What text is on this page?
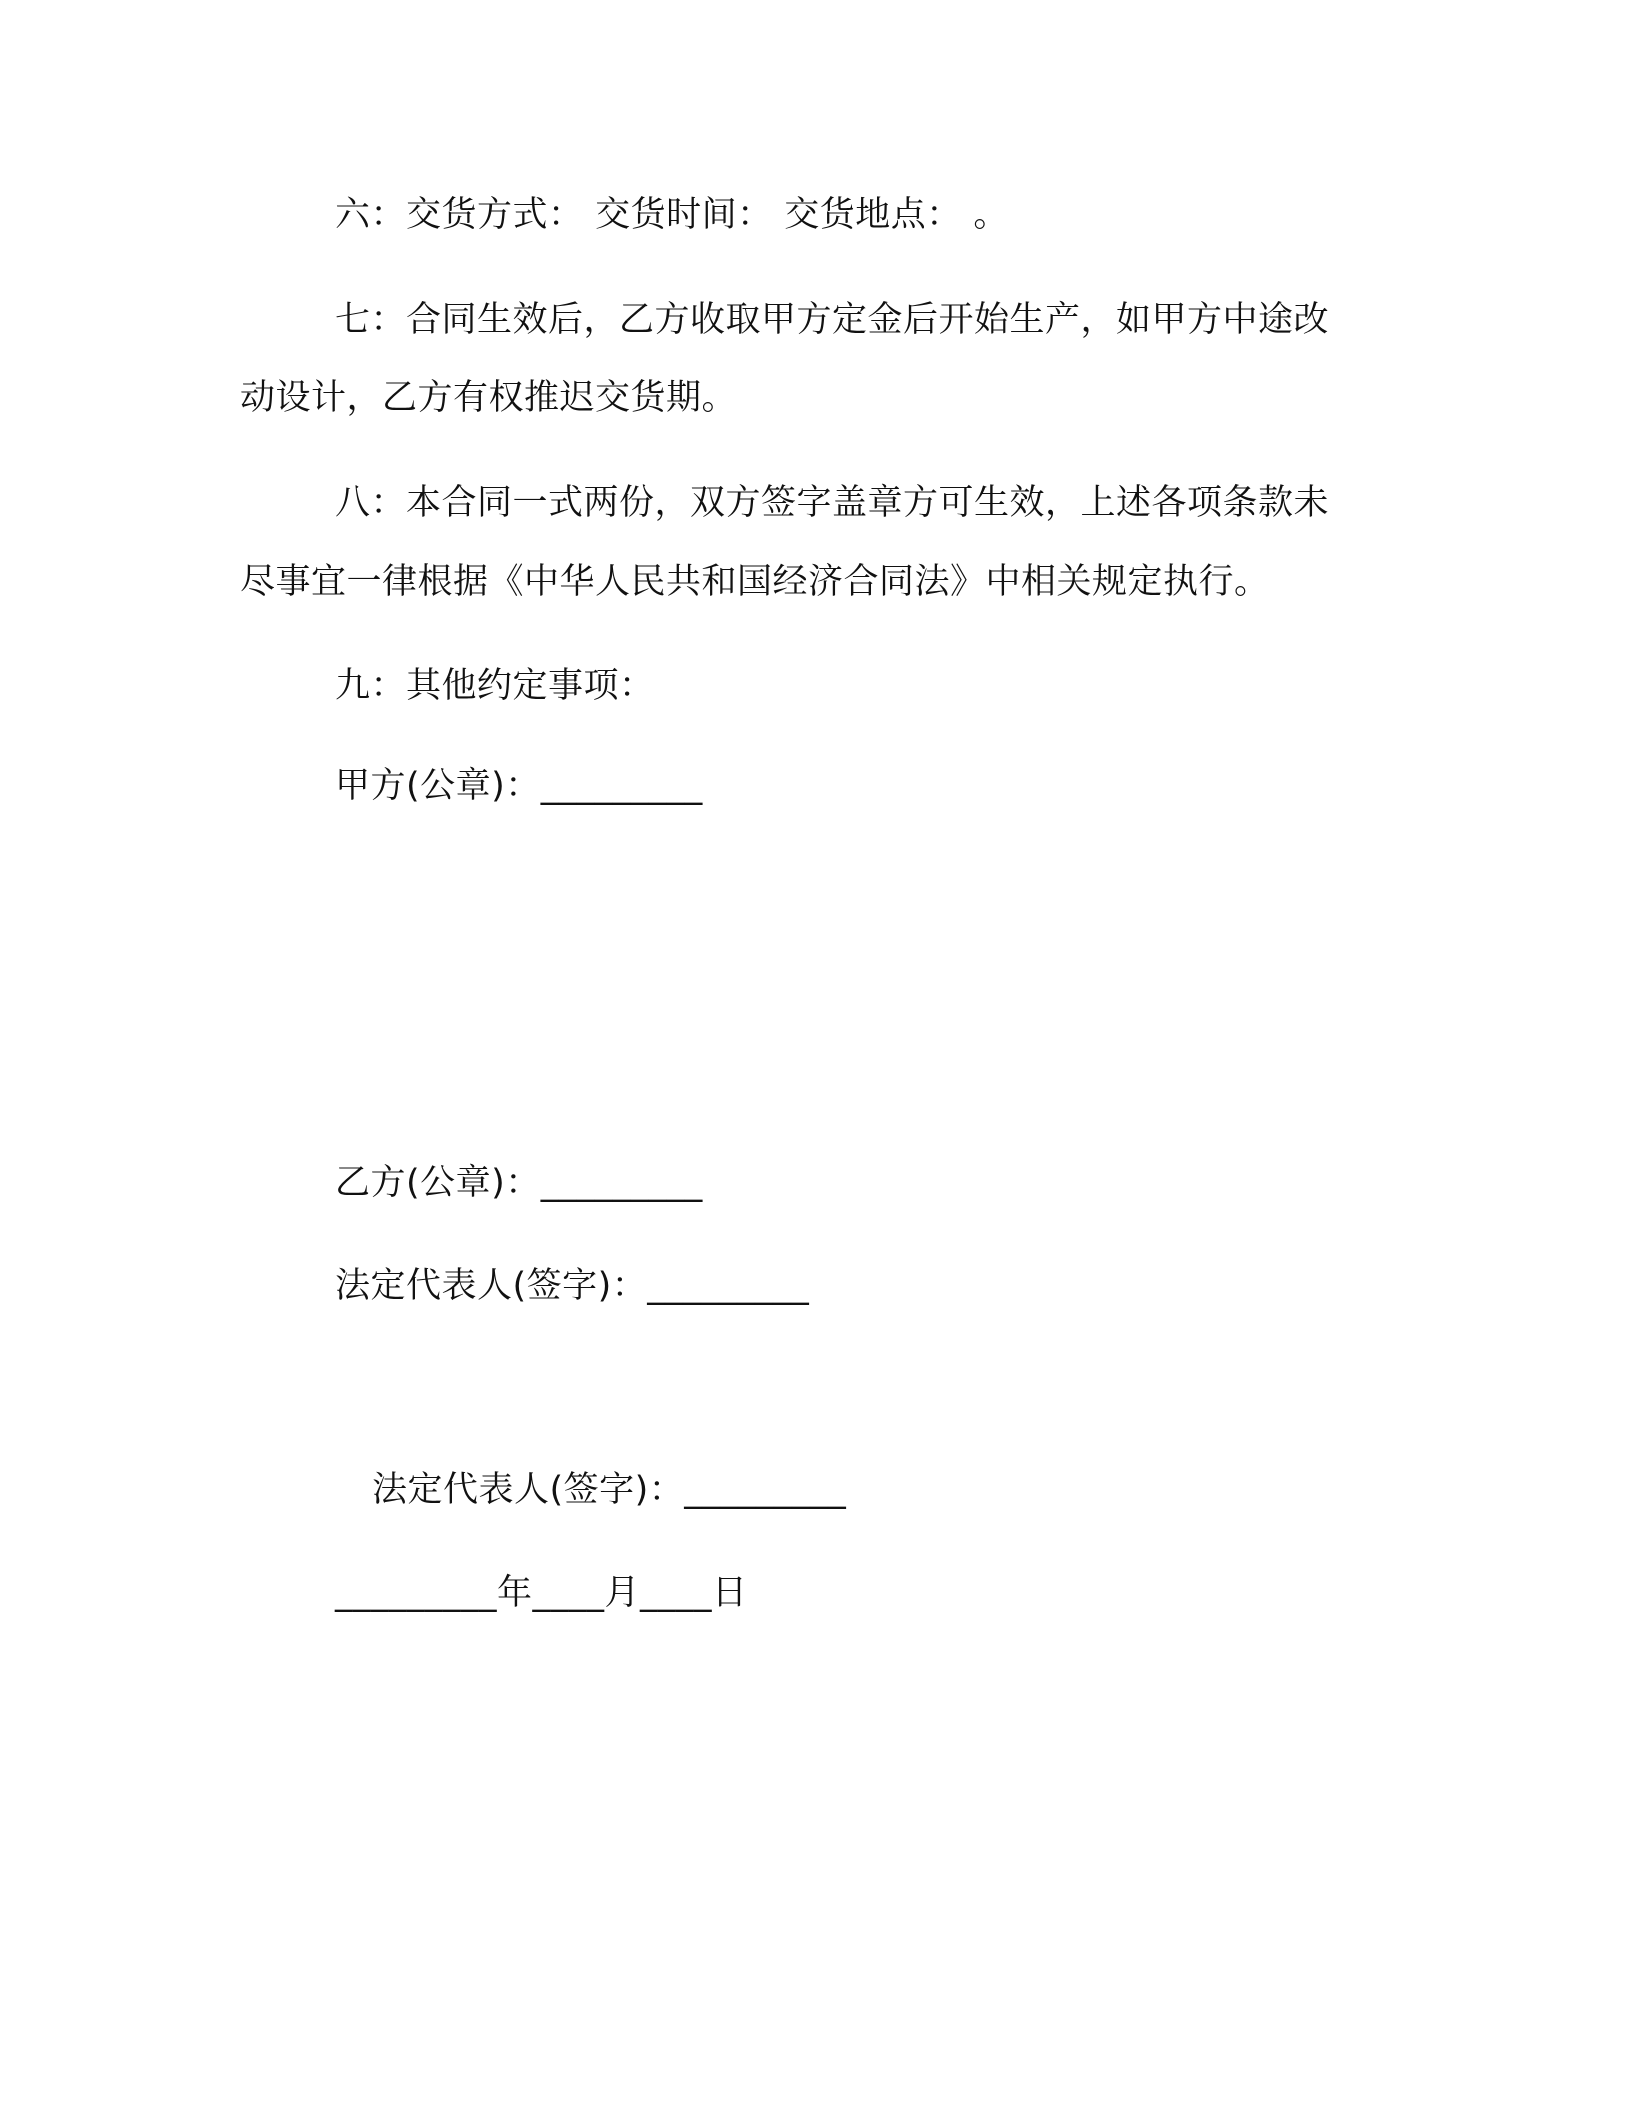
六：交货方式： 交货时间： 交货地点： 。
七：合同生效后，乙方收取甲方定金后开始生产，如甲方中途改
动设计，乙方有权推迟交货期。
八：本合同一式两份，双方签字盖章方可生效，上述各项条款未
尽事宜一律根据《中华人民共和国经济合同法》中相关规定执行。
九：其他约定事项：
甲方(公章)：_________
乙方(公章)：_________
法定代表人(签字)：_________
法定代表人(签字)：_________
_________年____月____日
